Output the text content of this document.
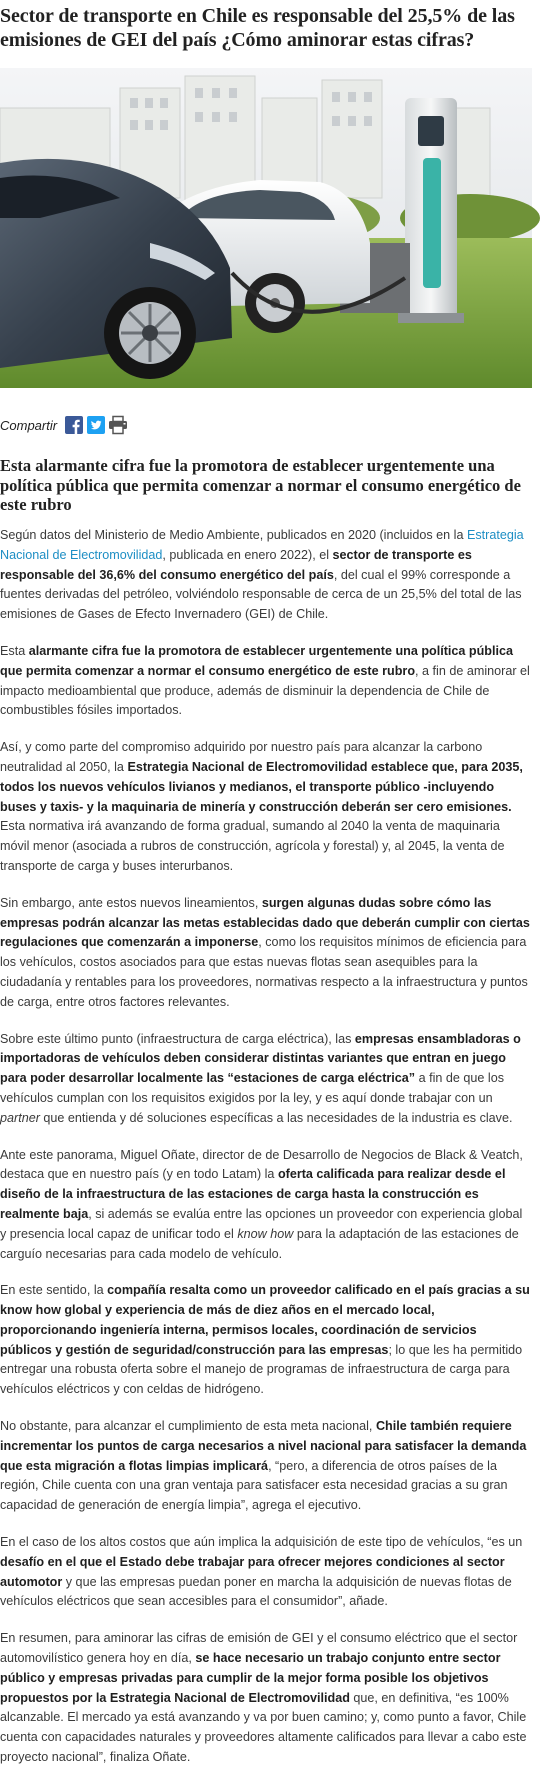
Sector de transporte en Chile es responsable del 25,5% de las emisiones de GEI del país ¿Cómo aminorar estas cifras?
Compartir
Esta alarmante cifra fue la promotora de establecer urgentemente una política pública que permita comenzar a normar el consumo energético de este rubro

Según datos del Ministerio de Medio Ambiente, publicados en 2020 (incluidos en la Estrategia Nacional de Electromovilidad, publicada en enero 2022), el sector de transporte es responsable del 36,6% del consumo energético del país, del cual el 99% corresponde a fuentes derivadas del petróleo, volviéndolo responsable de cerca de un 25,5% del total de las emisiones de Gases de Efecto Invernadero (GEI) de Chile.

Esta alarmante cifra fue la promotora de establecer urgentemente una política pública que permita comenzar a normar el consumo energético de este rubro, a fin de aminorar el impacto medioambiental que produce, además de disminuir la dependencia de Chile de combustibles fósiles importados.

Así, y como parte del compromiso adquirido por nuestro país para alcanzar la carbono neutralidad al 2050, la Estrategia Nacional de Electromovilidad establece que, para 2035, todos los nuevos vehículos livianos y medianos, el transporte público -incluyendo buses y taxis- y la maquinaria de minería y construcción deberán ser cero emisiones. Esta normativa irá avanzando de forma gradual, sumando al 2040 la venta de maquinaria móvil menor (asociada a rubros de construcción, agrícola y forestal) y, al 2045, la venta de transporte de carga y buses interurbanos.

Sin embargo, ante estos nuevos lineamientos, surgen algunas dudas sobre cómo las empresas podrán alcanzar las metas establecidas dado que deberán cumplir con ciertas regulaciones que comenzarán a imponerse, como los requisitos mínimos de eficiencia para los vehículos, costos asociados para que estas nuevas flotas sean asequibles para la ciudadanía y rentables para los proveedores, normativas respecto a la infraestructura y puntos de carga, entre otros factores relevantes.

Sobre este último punto (infraestructura de carga eléctrica), las empresas ensambladoras o importadoras de vehículos deben considerar distintas variantes que entran en juego para poder desarrollar localmente las “estaciones de carga eléctrica” a fin de que los vehículos cumplan con los requisitos exigidos por la ley, y es aquí donde trabajar con un partner que entienda y dé soluciones específicas a las necesidades de la industria es clave.

Ante este panorama, Miguel Oñate, director de de Desarrollo de Negocios de Black & Veatch, destaca que en nuestro país (y en todo Latam) la oferta calificada para realizar desde el diseño de la infraestructura de las estaciones de carga hasta la construcción es realmente baja, si además se evalúa entre las opciones un proveedor con experiencia global y presencia local capaz de unificar todo el know how para la adaptación de las estaciones de carguío necesarias para cada modelo de vehículo.

En este sentido, la compañía resalta como un proveedor calificado en el país gracias a su know how global y experiencia de más de diez años en el mercado local, proporcionando ingeniería interna, permisos locales, coordinación de servicios públicos y gestión de seguridad/construcción para las empresas; lo que les ha permitido entregar una robusta oferta sobre el manejo de programas de infraestructura de carga para vehículos eléctricos y con celdas de hidrógeno.

No obstante, para alcanzar el cumplimiento de esta meta nacional, Chile también requiere incrementar los puntos de carga necesarios a nivel nacional para satisfacer la demanda que esta migración a flotas limpias implicará, “pero, a diferencia de otros países de la región, Chile cuenta con una gran ventaja para satisfacer esta necesidad gracias a su gran capacidad de generación de energía limpia”, agrega el ejecutivo.

En el caso de los altos costos que aún implica la adquisición de este tipo de vehículos, “es un desafío en el que el Estado debe trabajar para ofrecer mejores condiciones al sector automotor y que las empresas puedan poner en marcha la adquisición de nuevas flotas de vehículos eléctricos que sean accesibles para el consumidor”, añade.

En resumen, para aminorar las cifras de emisión de GEI y el consumo eléctrico que el sector automovilístico genera hoy en día, se hace necesario un trabajo conjunto entre sector público y empresas privadas para cumplir de la mejor forma posible los objetivos propuestos por la Estrategia Nacional de Electromovilidad que, en definitiva, “es 100% alcanzable. El mercado ya está avanzando y va por buen camino; y, como punto a favor, Chile cuenta con capacidades naturales y proveedores altamente calificados para llevar a cabo este proyecto nacional”, finaliza Oñate.
